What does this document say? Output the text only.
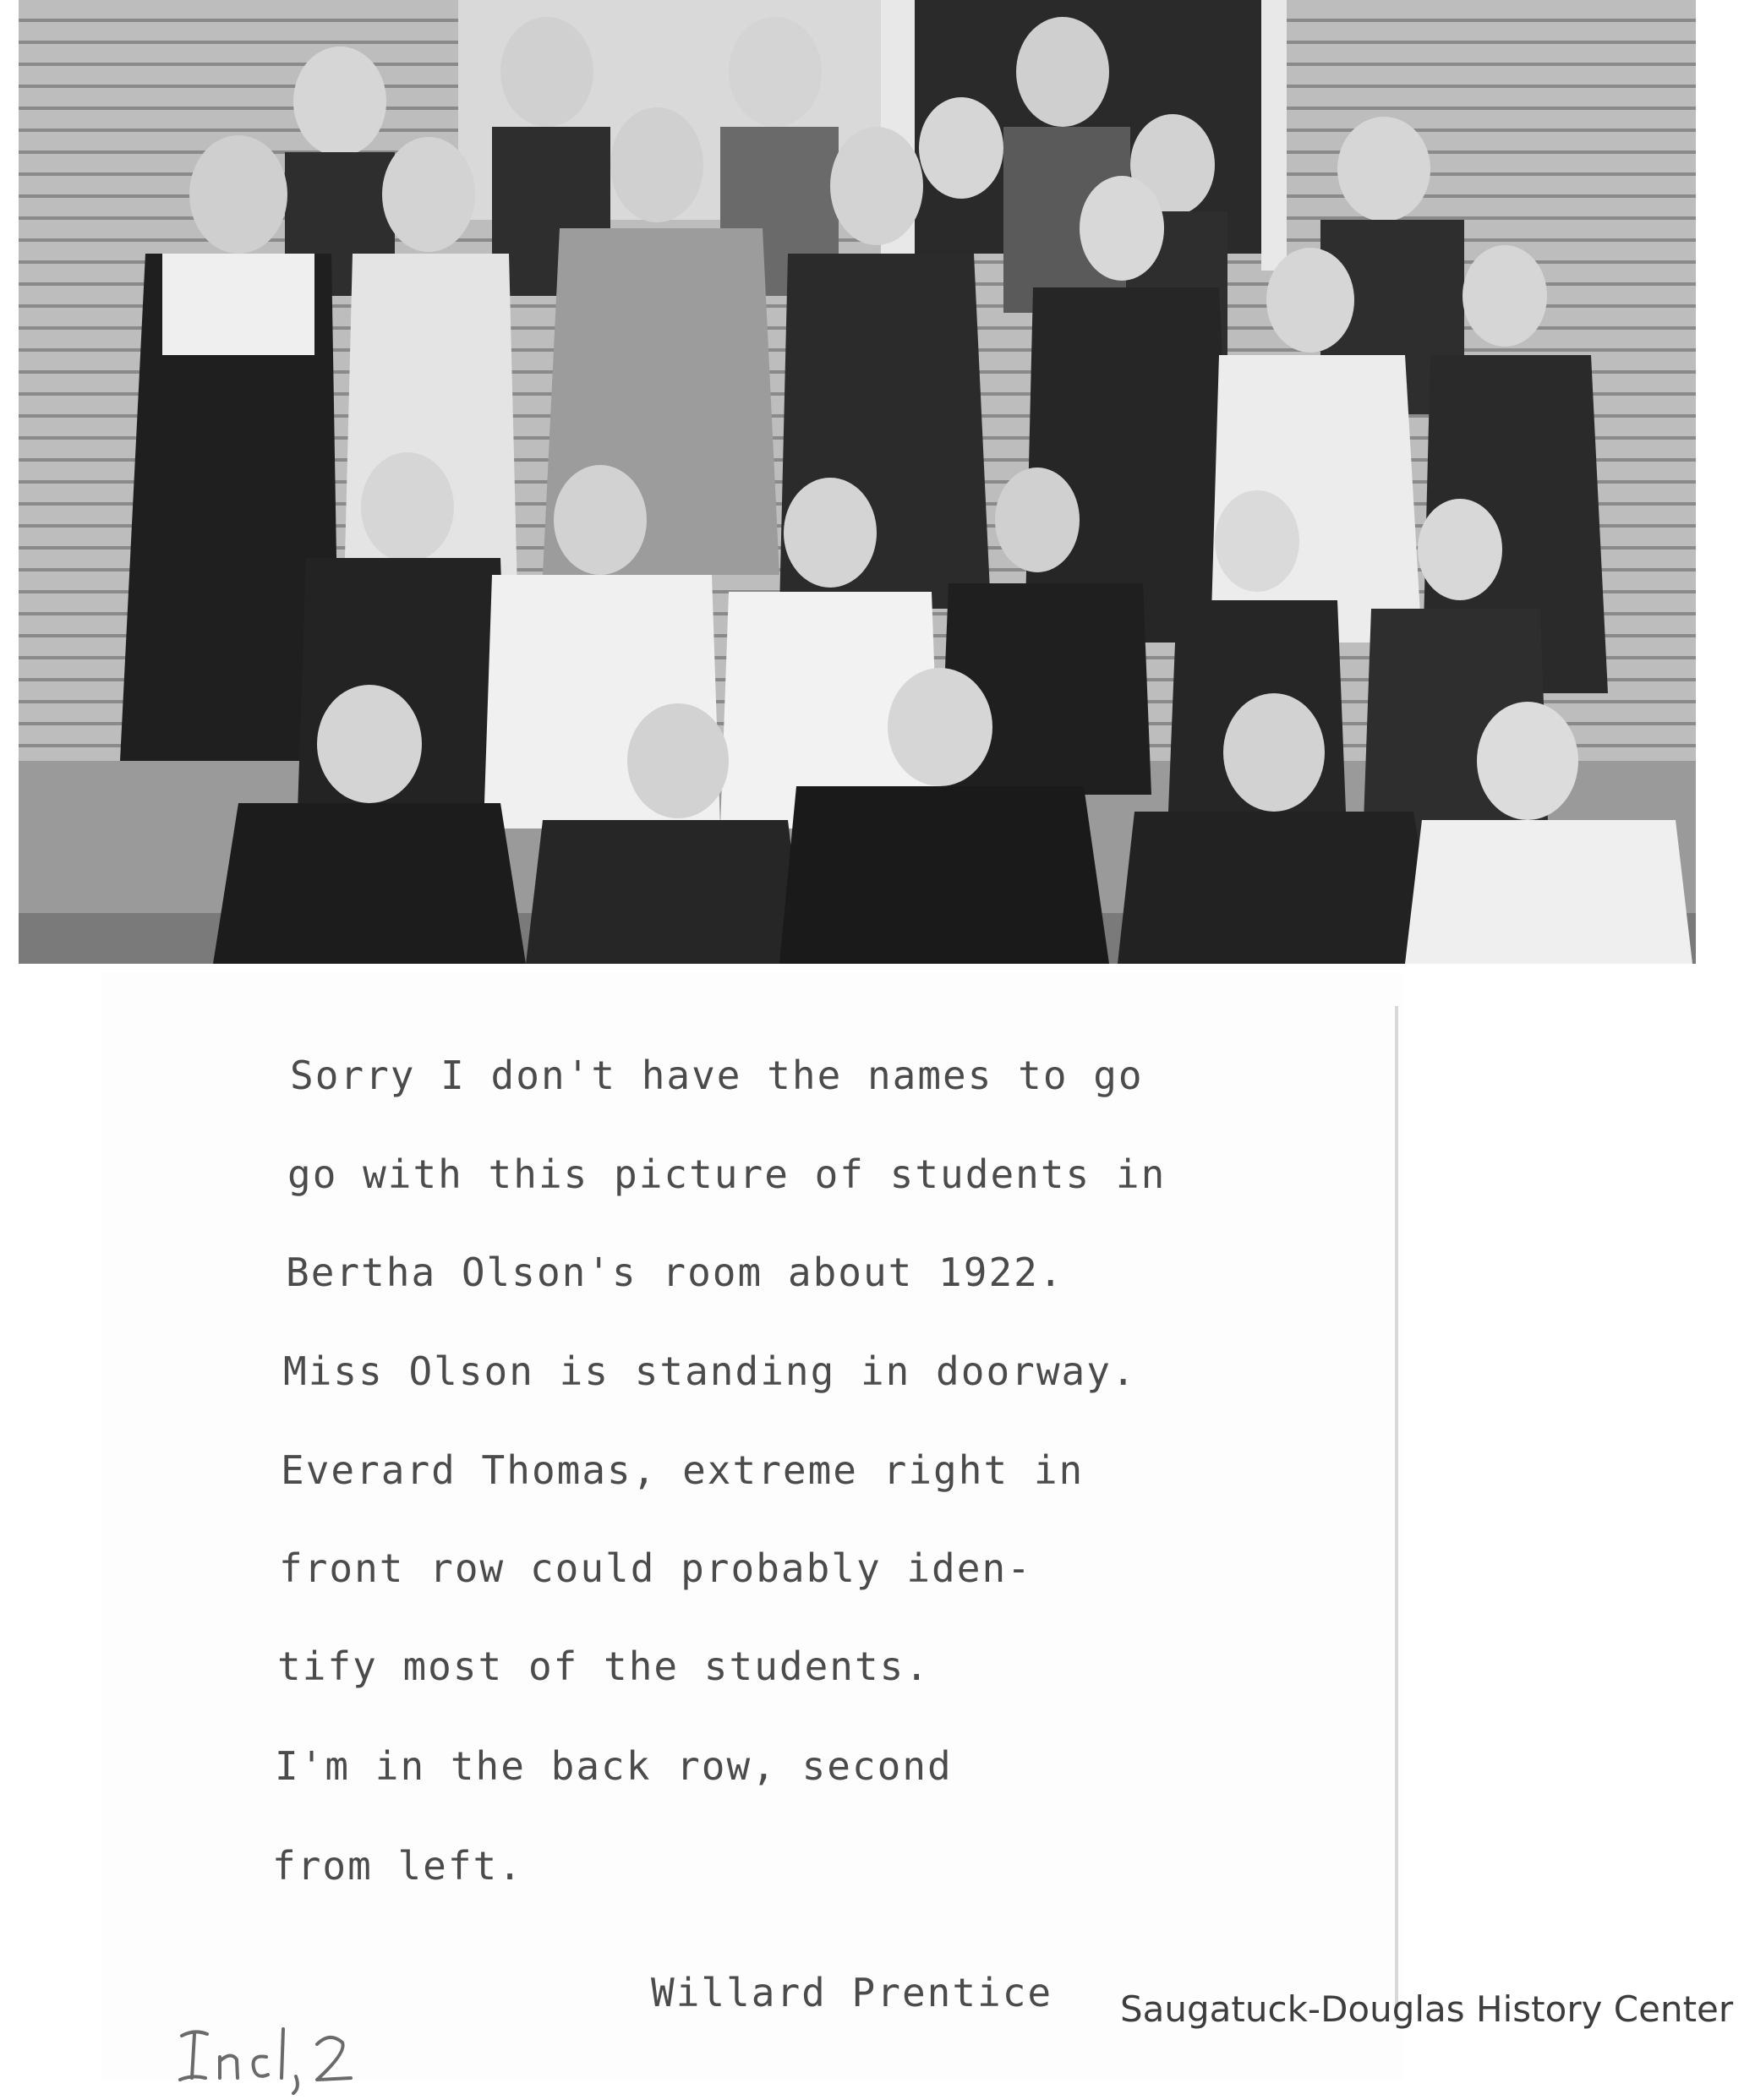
Sorry I don't have the names to go
go with this picture of students in
Bertha Olson's room about 1922.
Miss Olson is standing in doorway.
Everard Thomas, extreme right in
front row could probably iden-
tify most of the students.
I'm in the back row, second
from left.
Willard Prentice Saugatuck-Douglas History Center
